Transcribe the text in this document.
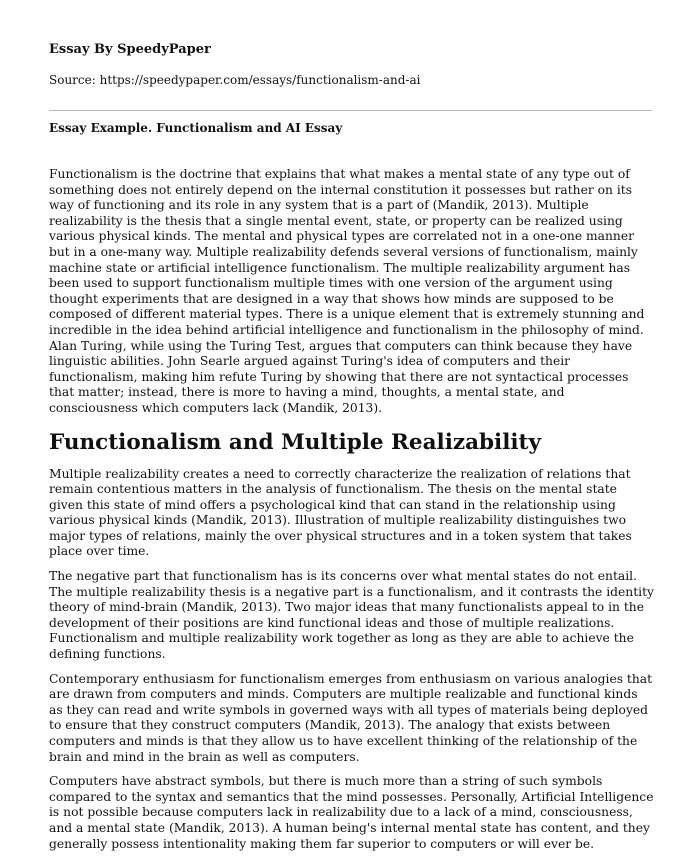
Essay By SpeedyPaper
Source: https://speedypaper.com/essays/functionalism-and-ai
Essay Example. Functionalism and AI Essay

Functionalism is the doctrine that explains that what makes a mental state of any type out of something does not entirely depend on the internal constitution it possesses but rather on its way of functioning and its role in any system that is a part of (Mandik, 2013). Multiple realizability is the thesis that a single mental event, state, or property can be realized using various physical kinds. The mental and physical types are correlated not in a one-one manner but in a one-many way. Multiple realizability defends several versions of functionalism, mainly machine state or artificial intelligence functionalism. The multiple realizability argument has been used to support functionalism multiple times with one version of the argument using thought experiments that are designed in a way that shows how minds are supposed to be composed of different material types. There is a unique element that is extremely stunning and incredible in the idea behind artificial intelligence and functionalism in the philosophy of mind. Alan Turing, while using the Turing Test, argues that computers can think because they have linguistic abilities. John Searle argued against Turing's idea of computers and their functionalism, making him refute Turing by showing that there are not syntactical processes that matter; instead, there is more to having a mind, thoughts, a mental state, and consciousness which computers lack (Mandik, 2013).

Functionalism and Multiple Realizability

Multiple realizability creates a need to correctly characterize the realization of relations that remain contentious matters in the analysis of functionalism. The thesis on the mental state given this state of mind offers a psychological kind that can stand in the relationship using various physical kinds (Mandik, 2013). Illustration of multiple realizability distinguishes two major types of relations, mainly the over physical structures and in a token system that takes place over time.

The negative part that functionalism has is its concerns over what mental states do not entail. The multiple realizability thesis is a negative part is a functionalism, and it contrasts the identity theory of mind-brain (Mandik, 2013). Two major ideas that many functionalists appeal to in the development of their positions are kind functional ideas and those of multiple realizations. Functionalism and multiple realizability work together as long as they are able to achieve the defining functions.

Contemporary enthusiasm for functionalism emerges from enthusiasm on various analogies that are drawn from computers and minds. Computers are multiple realizable and functional kinds as they can read and write symbols in governed ways with all types of materials being deployed to ensure that they construct computers (Mandik, 2013). The analogy that exists between computers and minds is that they allow us to have excellent thinking of the relationship of the brain and mind in the brain as well as computers.

Computers have abstract symbols, but there is much more than a string of such symbols compared to the syntax and semantics that the mind possesses. Personally, Artificial Intelligence is not possible because computers lack in realizability due to a lack of a mind, consciousness, and a mental state (Mandik, 2013). A human being's internal mental state has content, and they generally possess intentionality making them far superior to computers or will ever be.
